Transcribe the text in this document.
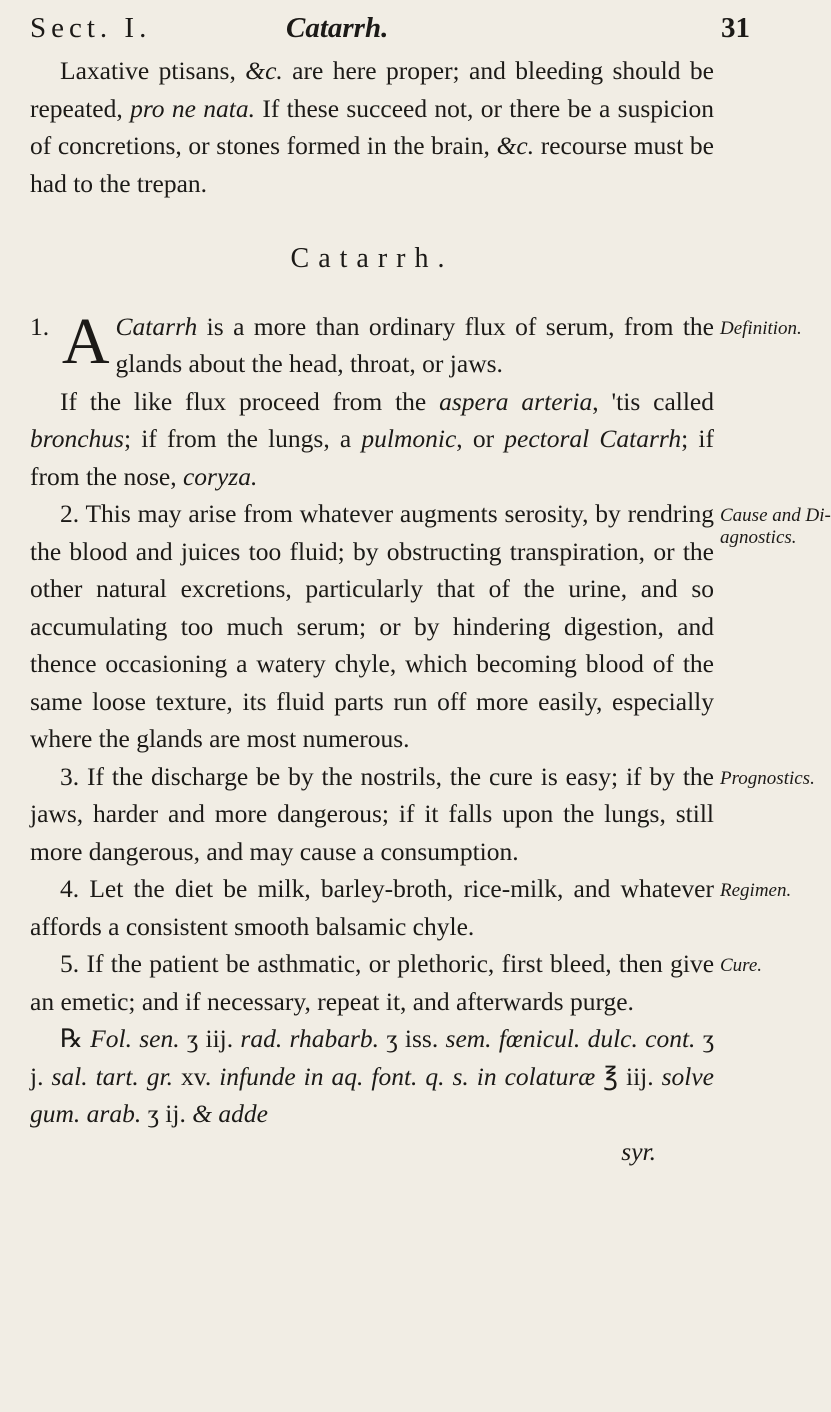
Sect. I.	Catarrh.	31

Laxative ptisans, &c. are here proper; and bleeding should be repeated, pro ne nata. If these succeed not, or there be a suspicion of concretions, or stones formed in the brain, &c. recourse must be had to the trepan.

Catarrh.

1. A Catarrh is a more than ordinary flux of serum, from the glands about the head, throat, or jaws.

If the like flux proceed from the aspera arteria, 'tis called bronchus; if from the lungs, a pulmonic, or pectoral Catarrh; if from the nose, coryza.

2. This may arise from whatever augments serosity, by rendring the blood and juices too fluid; by obstructing transpiration, or the other natural excretions, particularly that of the urine, and so accumulating too much serum; or by hindering digestion, and thence occasioning a watery chyle, which becoming blood of the same loose texture, its fluid parts run off more easily, especially where the glands are most numerous.

3. If the discharge be by the nostrils, the cure is easy; if by the jaws, harder and more dangerous; if it falls upon the lungs, still more dangerous, and may cause a consumption.

4. Let the diet be milk, barley-broth, rice-milk, and whatever affords a consistent smooth balsamic chyle.

5. If the patient be asthmatic, or plethoric, first bleed, then give an emetic; and if necessary, repeat it, and afterwards purge.

℞ Fol. sen. ʒ iij. rad. rhabarb. ʒ iss. sem. fœnicul. dulc. cont. ʒ j. sal. tart. gr. xv. infunde in aq. font. q. s. in colaturæ ℥ iij. solve gum. arab. ʒ ij. & adde

syr.
Definition.
Cause and Di-
agnostics.
Prognostics.
Regimen.
Cure.
